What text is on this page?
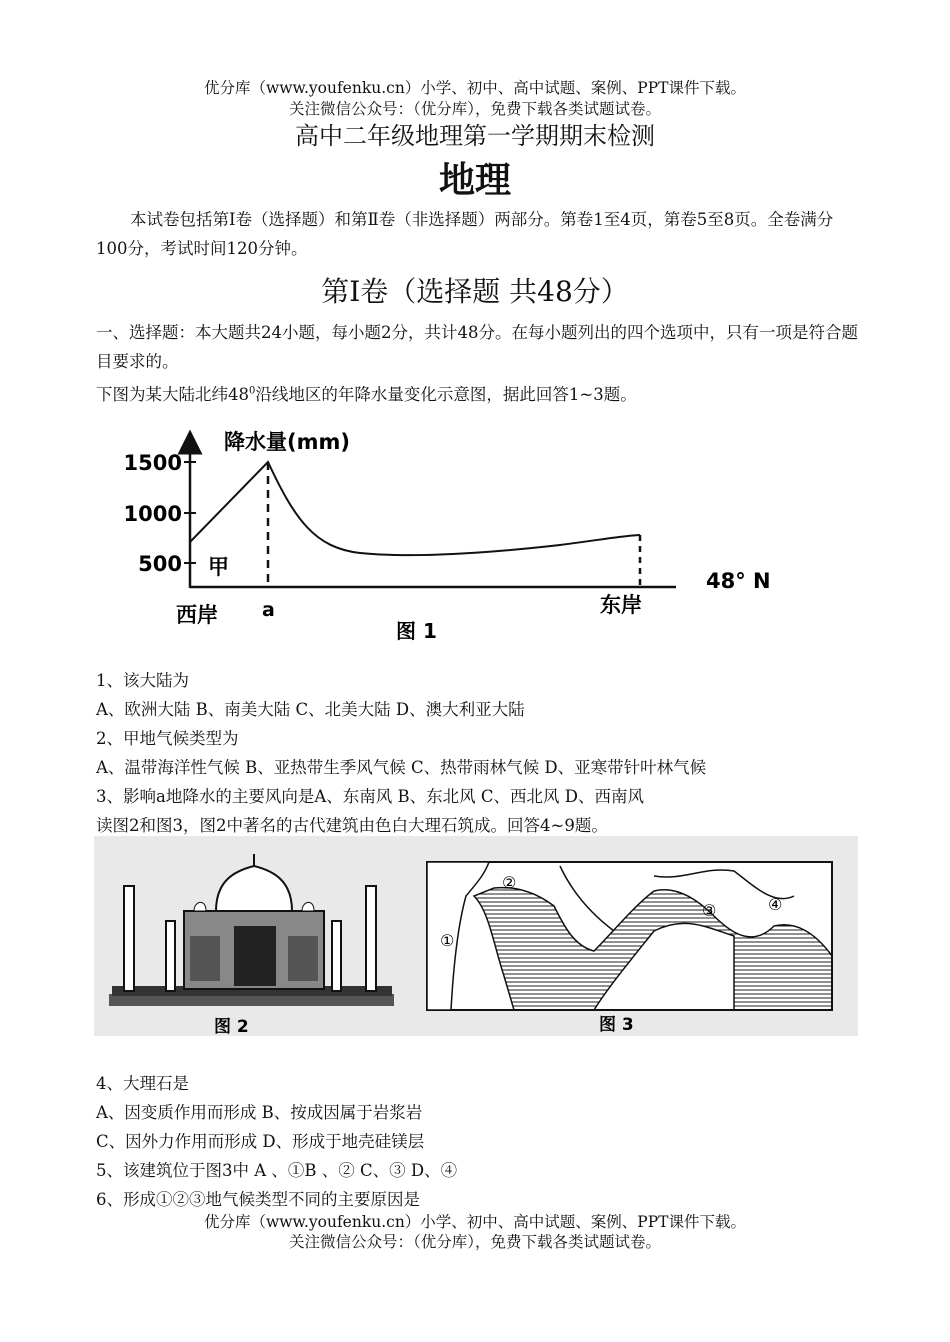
优分库（www.youfenku.cn）小学、初中、高中试题、案例、PPT课件下载。
关注微信公众号：（优分库），免费下载各类试题试卷。
高中二年级地理第一学期期末检测
地理
本试卷包括第Ⅰ卷（选择题）和第Ⅱ卷（非选择题）两部分。第卷1至4页，第卷5至8页。全卷满分100分，考试时间120分钟。
第Ⅰ卷（选择题 共48分）
一、选择题：本大题共24小题，每小题2分，共计48分。在每小题列出的四个选项中，只有一项是符合题目要求的。
下图为某大陆北纬$48^0$沿线地区的年降水量变化示意图，据此回答1~3题。
1500
1000
500
降水量(mm)
甲
西岸 a	东岸
48° N
图 1
1、该大陆为
A、欧洲大陆 B、南美大陆 C、北美大陆 D、澳大利亚大陆
2、甲地气候类型为
A、温带海洋性气候 B、亚热带生季风气候 C、热带雨林气候 D、亚寒带针叶林气候
3、影响a地降水的主要风向是A、东南风 B、东北风 C、西北风 D、西南风
读图2和图3，图2中著名的古代建筑由色白大理石筑成。回答4~9题。
图 2
①
②
③	④
图 3
4、大理石是
A、因变质作用而形成 B、按成因属于岩浆岩
C、因外力作用而形成 D、形成于地壳硅镁层
5、该建筑位于图3中 A 、①B 、② C、③ D、④
6、形成①②③地气候类型不同的主要原因是
优分库（www.youfenku.cn）小学、初中、高中试题、案例、PPT课件下载。
关注微信公众号：（优分库），免费下载各类试题试卷。
